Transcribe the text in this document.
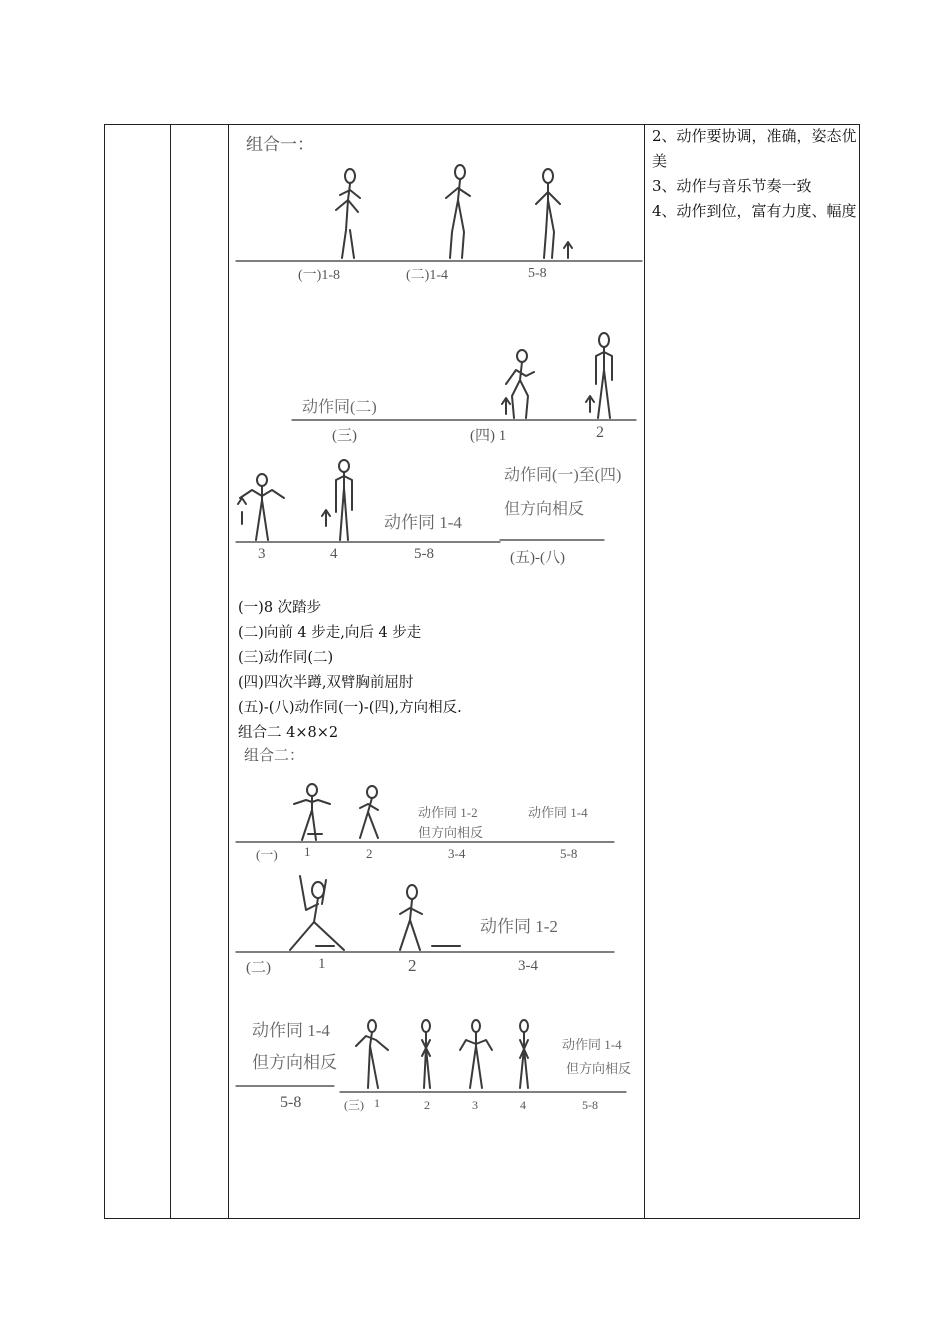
2、动作要协调，准确，姿态优美
3、动作与音乐节奏一致
4、动作到位，富有力度、幅度
组合一：
(一)1-8	(二)1-4	5-8
动作同(二)
(三)	(四) 1	2
3	4
动作同 1-4
5-8
动作同(一)至(四)
但方向相反
(五)-(八)
(一)8 次踏步
(二)向前 4 步走,向后 4 步走
(三)动作同(二)
(四)四次半蹲,双臂胸前屈肘
(五)-(八)动作同(一)-(四),方向相反.
组合二 4×8×2
组合二：
动作同 1-2
但方向相反
动作同 1-4
(一) 1	2	3-4	5-8
动作同 1-2
(二)	1	2	3-4
动作同 1-4
但方向相反
5-8
动作同 1-4
但方向相反
(三) 1	2	3	4	5-8
